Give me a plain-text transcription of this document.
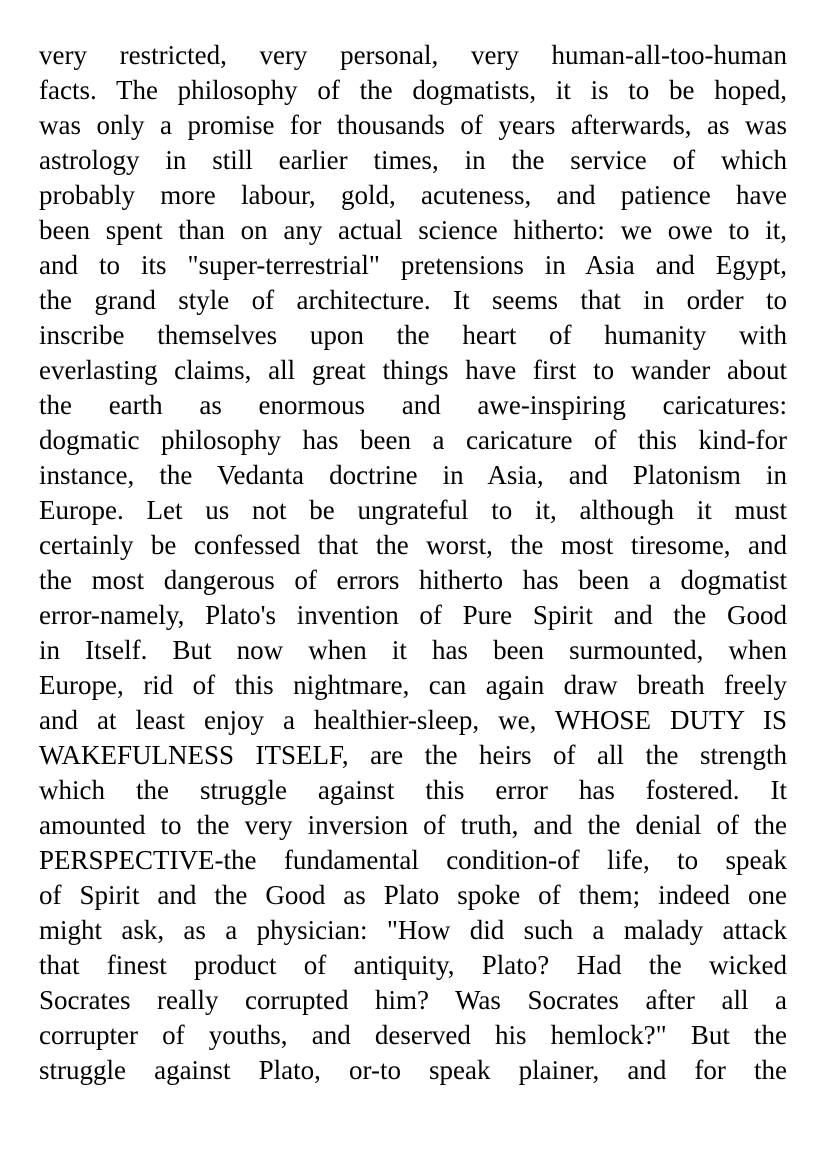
very restricted, very personal, very human-all-too-human
facts. The philosophy of the dogmatists, it is to be hoped,
was only a promise for thousands of years afterwards, as was
astrology in still earlier times, in the service of which
probably more labour, gold, acuteness, and patience have
been spent than on any actual science hitherto: we owe to it,
and to its "super-terrestrial" pretensions in Asia and Egypt,
the grand style of architecture. It seems that in order to
inscribe themselves upon the heart of humanity with
everlasting claims, all great things have first to wander about
the earth as enormous and awe-inspiring caricatures:
dogmatic philosophy has been a caricature of this kind-for
instance, the Vedanta doctrine in Asia, and Platonism in
Europe. Let us not be ungrateful to it, although it must
certainly be confessed that the worst, the most tiresome, and
the most dangerous of errors hitherto has been a dogmatist
error-namely, Plato's invention of Pure Spirit and the Good
in Itself. But now when it has been surmounted, when
Europe, rid of this nightmare, can again draw breath freely
and at least enjoy a healthier-sleep, we, WHOSE DUTY IS
WAKEFULNESS ITSELF, are the heirs of all the strength
which the struggle against this error has fostered. It
amounted to the very inversion of truth, and the denial of the
PERSPECTIVE-the fundamental condition-of life, to speak
of Spirit and the Good as Plato spoke of them; indeed one
might ask, as a physician: "How did such a malady attack
that finest product of antiquity, Plato? Had the wicked
Socrates really corrupted him? Was Socrates after all a
corrupter of youths, and deserved his hemlock?" But the
struggle against Plato, or-to speak plainer, and for the
